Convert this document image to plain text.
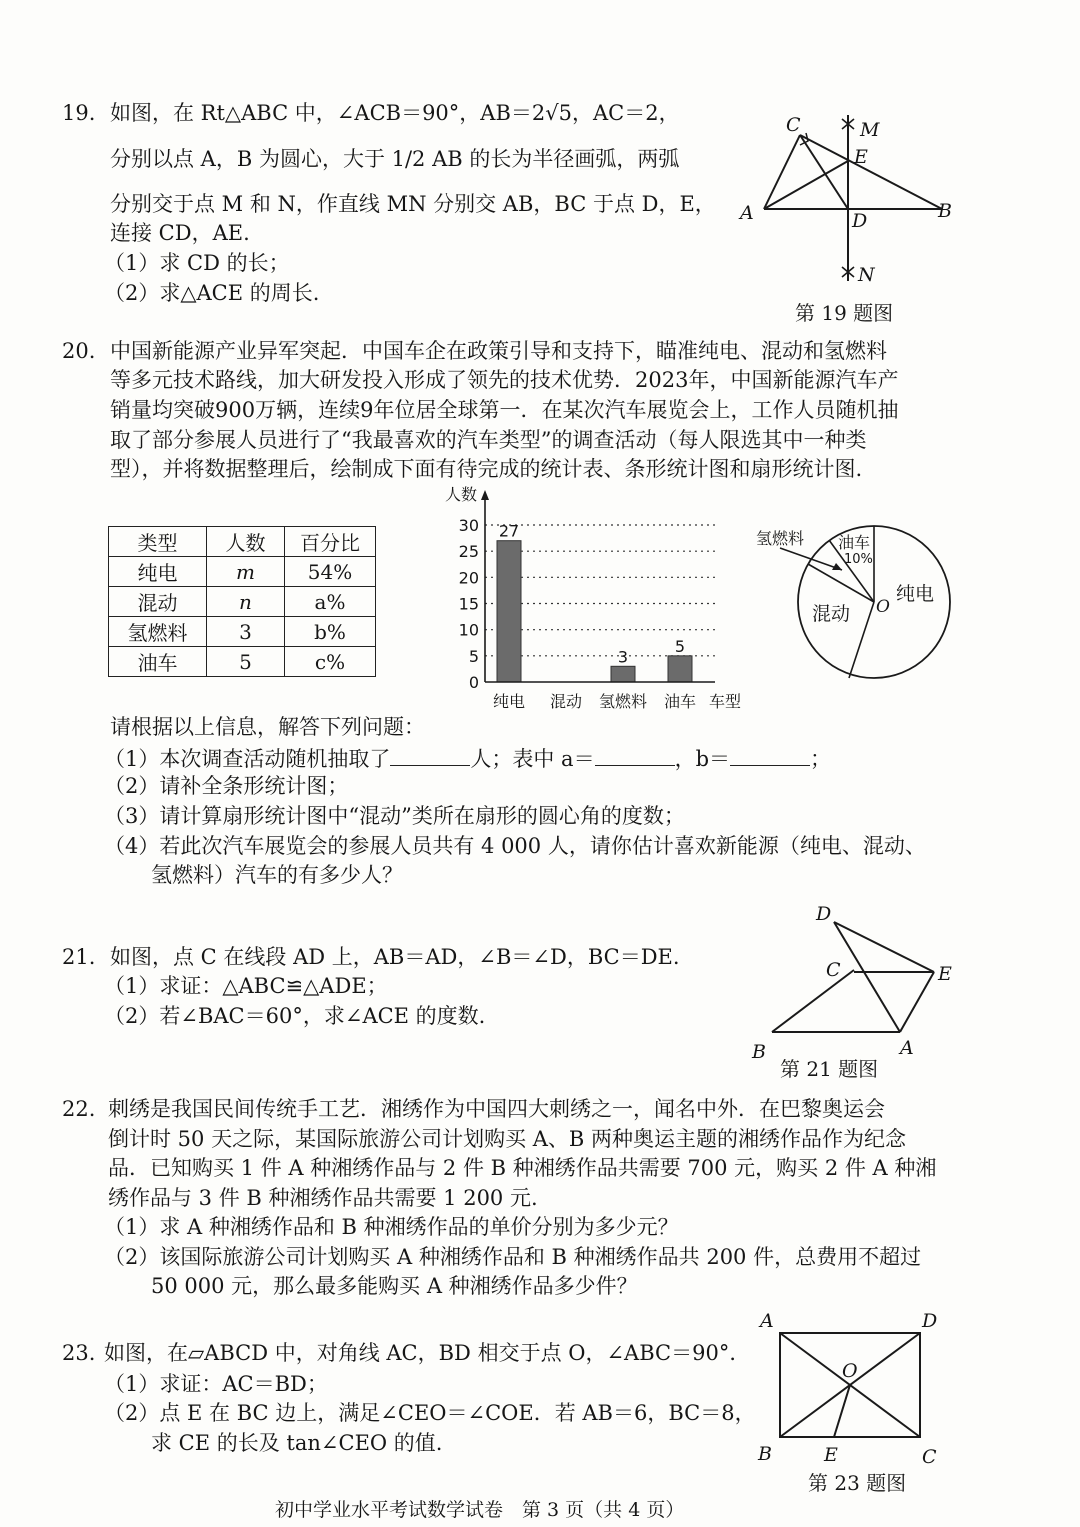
19. 如图，在 Rt△ABC 中，∠ACB＝90°，AB＝2√5，AC＝2，
分别以点 A，B 为圆心，大于 1/2 AB 的长为半径画弧，两弧
分别交于点 M 和 N，作直线 MN 分别交 AB，BC 于点 D，E，
连接 CD，AE.
（1）求 CD 的长；
（2）求△ACE 的周长.
C	M
E
A	D	B
N
第 19 题图
20. 中国新能源产业异军突起．中国车企在政策引导和支持下，瞄准纯电、混动和氢燃料
等多元技术路线，加大研发投入形成了领先的技术优势．2023年，中国新能源汽车产
销量均突破900万辆，连续9年位居全球第一．在某次汽车展览会上，工作人员随机抽
取了部分参展人员进行了“我最喜欢的汽车类型”的调查活动（每人限选其中一种类
型），并将数据整理后，绘制成下面有待完成的统计表、条形统计图和扇形统计图.
类型	人数	百分比
纯电	m	54%
混动	n	a%
氢燃料	3	b%
油车	5	c%
人数
车型
0
5
10
15
20
25
30
纯电 混动 氢燃料 油车
27
3
5
氢燃料 油车
10%
混动
纯电
O
请根据以上信息，解答下列问题：
（1）本次调查活动随机抽取了	人；表中 a＝	，b＝	；
（2）请补全条形统计图；
（3）请计算扇形统计图中“混动”类所在扇形的圆心角的度数；
（4）若此次汽车展览会的参展人员共有 4 000 人，请你估计喜欢新能源（纯电、混动、
氢燃料）汽车的有多少人？
21. 如图，点 C 在线段 AD 上，AB＝AD，∠B＝∠D，BC＝DE.
（1）求证：△ABC≌△ADE；
（2）若∠BAC＝60°，求∠ACE 的度数.
D
C	E
B	A
第 21 题图
22. 刺绣是我国民间传统手工艺．湘绣作为中国四大刺绣之一，闻名中外．在巴黎奥运会
倒计时 50 天之际，某国际旅游公司计划购买 A、B 两种奥运主题的湘绣作品作为纪念
品．已知购买 1 件 A 种湘绣作品与 2 件 B 种湘绣作品共需要 700 元，购买 2 件 A 种湘
绣作品与 3 件 B 种湘绣作品共需要 1 200 元.
（1）求 A 种湘绣作品和 B 种湘绣作品的单价分别为多少元？
（2）该国际旅游公司计划购买 A 种湘绣作品和 B 种湘绣作品共 200 件，总费用不超过
50 000 元，那么最多能购买 A 种湘绣作品多少件？
23. 如图，在▱ABCD 中，对角线 AC，BD 相交于点 O，∠ABC＝90°．
（1）求证：AC＝BD；
（2）点 E 在 BC 边上，满足∠CEO＝∠COE．若 AB＝6，BC＝8，
求 CE 的长及 tan∠CEO 的值.
A	D
O
B	E	C
第 23 题图
初中学业水平考试数学试卷　第 3 页（共 4 页）
